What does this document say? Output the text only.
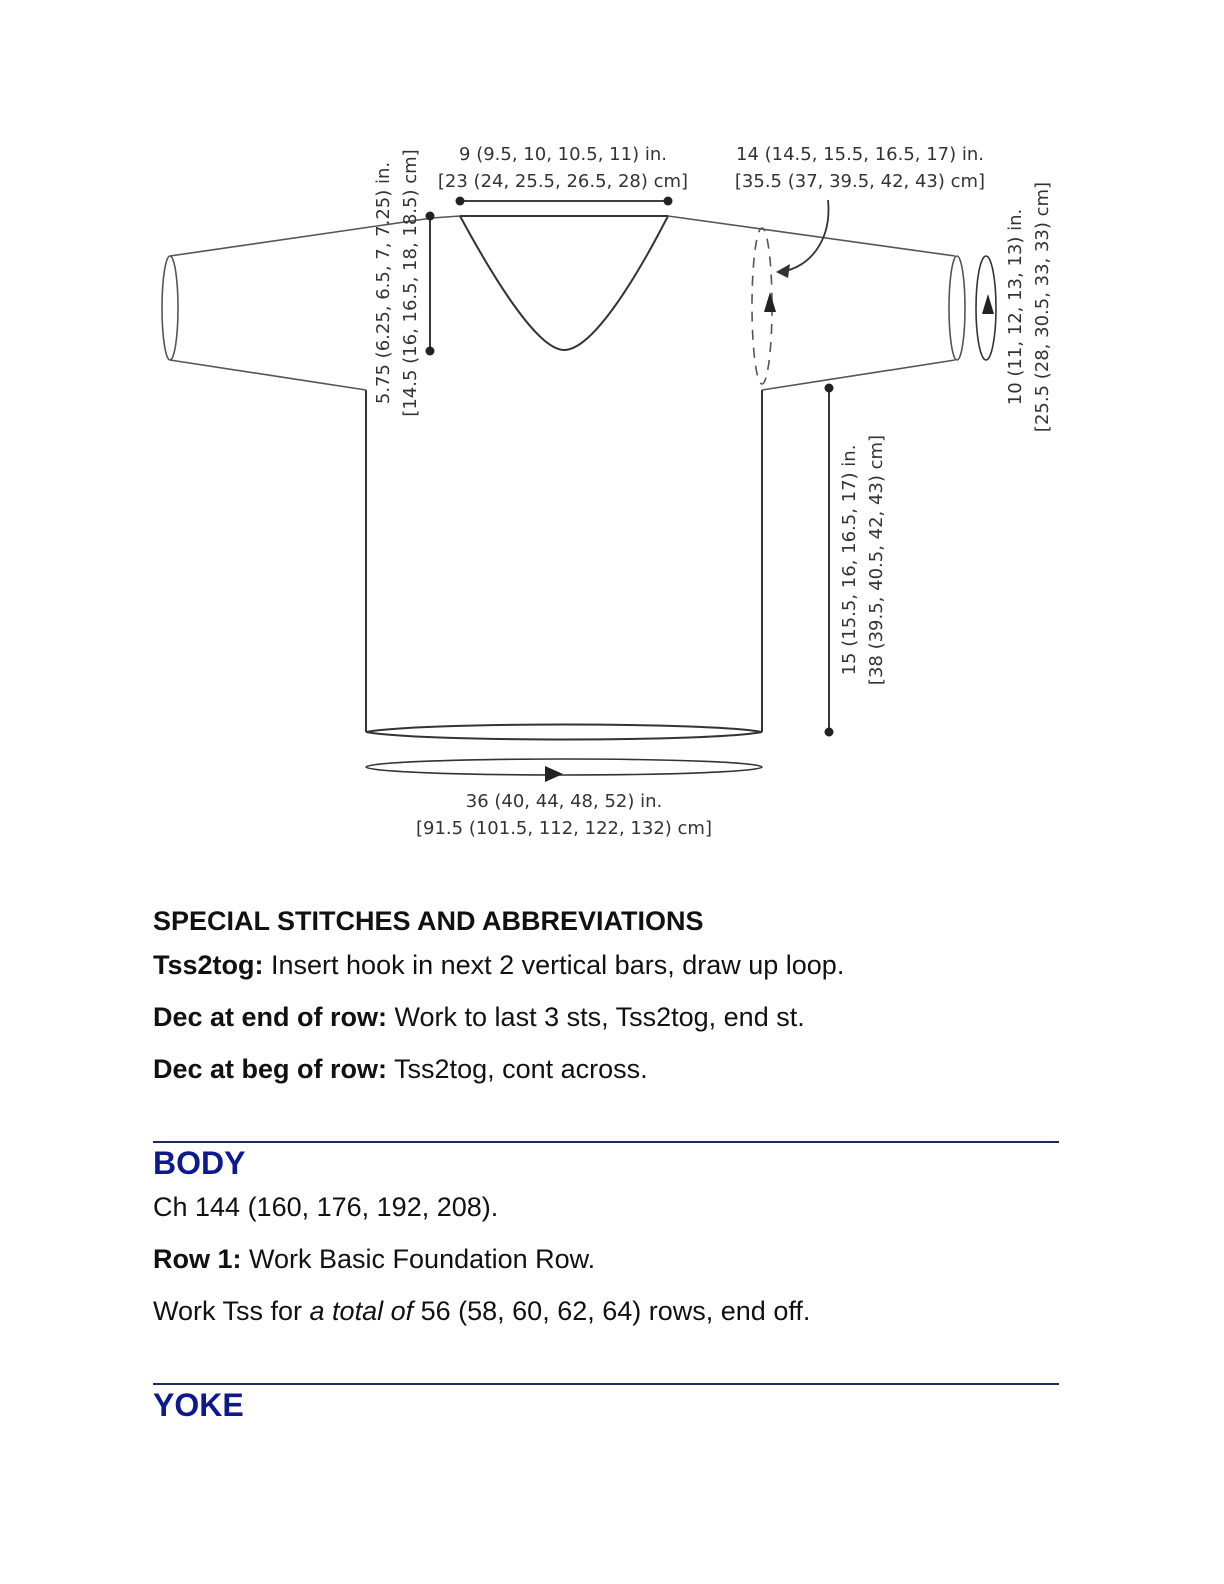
9 (9.5, 10, 10.5, 11) in.
[23 (24, 25.5, 26.5, 28) cm]
14 (14.5, 15.5, 16.5, 17) in.
[35.5 (37, 39.5, 42, 43) cm]
36 (40, 44, 48, 52) in.
[91.5 (101.5, 112, 122, 132) cm]
5.75 (6.25, 6.5, 7, 7.25) in. [14.5 (16, 16.5, 18, 18.5) cm]	10 (11, 12, 13, 13) in. [25.5 (28, 30.5, 33, 33) cm]
15 (15.5, 16, 16.5, 17) in. [38 (39.5, 40.5, 42, 43) cm]

SPECIAL STITCHES AND ABBREVIATIONS

Tss2tog: Insert hook in next 2 vertical bars, draw up loop.

Dec at end of row: Work to last 3 sts, Tss2tog, end st.

Dec at beg of row: Tss2tog, cont across.

BODY

Ch 144 (160, 176, 192, 208).

Row 1: Work Basic Foundation Row.

Work Tss for a total of 56 (58, 60, 62, 64) rows, end off.

YOKE
